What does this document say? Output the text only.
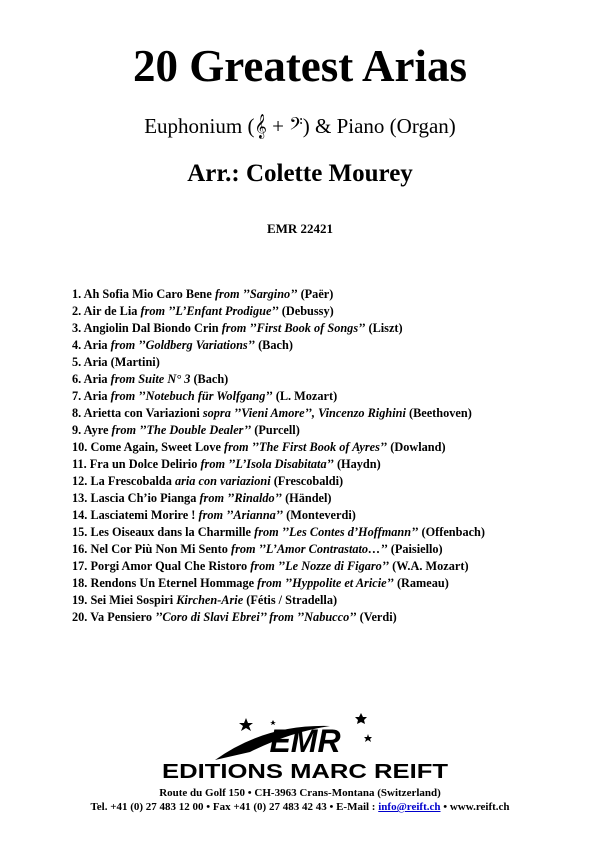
20 Greatest Arias
Euphonium (𝄞 + 𝄢) & Piano (Organ)
Arr.: Colette Mourey
EMR 22421
1. Ah Sofia Mio Caro Bene from ’’Sargino’’ (Paër)
2. Air de Lia from ’’L’Enfant Prodigue’’ (Debussy)
3. Angiolin Dal Biondo Crin from ’’First Book of Songs’’ (Liszt)
4. Aria from ’’Goldberg Variations’’ (Bach)
5. Aria (Martini)
6. Aria from Suite N° 3 (Bach)
7. Aria from ’’Notebuch für Wolfgang’’ (L. Mozart)
8. Arietta con Variazioni sopra ’’Vieni Amore’’, Vincenzo Righini (Beethoven)
9. Ayre from ’’The Double Dealer’’ (Purcell)
10. Come Again, Sweet Love from ’’The First Book of Ayres’’ (Dowland)
11. Fra un Dolce Delirio from ’’L’Isola Disabitata’’ (Haydn)
12. La Frescobalda aria con variazioni (Frescobaldi)
13. Lascia Ch’io Pianga from ’’Rinaldo’’ (Händel)
14. Lasciatemi Morire ! from ’’Arianna’’ (Monteverdi)
15. Les Oiseaux dans la Charmille from ’’Les Contes d’Hoffmann’’ (Offenbach)
16. Nel Cor Più Non Mi Sento from ’’L’Amor Contrastato…’’ (Paisiello)
17. Porgi Amor Qual Che Ristoro from ’’Le Nozze di Figaro’’ (W.A. Mozart)
18. Rendons Un Eternel Hommage from ’’Hyppolite et Aricie’’ (Rameau)
19. Sei Miei Sospiri Kirchen-Arie (Fétis / Stradella)
20. Va Pensiero ’’Coro di Slavi Ebrei’’ from ’’Nabucco’’ (Verdi)
EMR
EDITIONS MARC REIFT
Route du Golf 150 • CH-3963 Crans-Montana (Switzerland)
Tel. +41 (0) 27 483 12 00 • Fax +41 (0) 27 483 42 43 • E-Mail : info@reift.ch • www.reift.ch
